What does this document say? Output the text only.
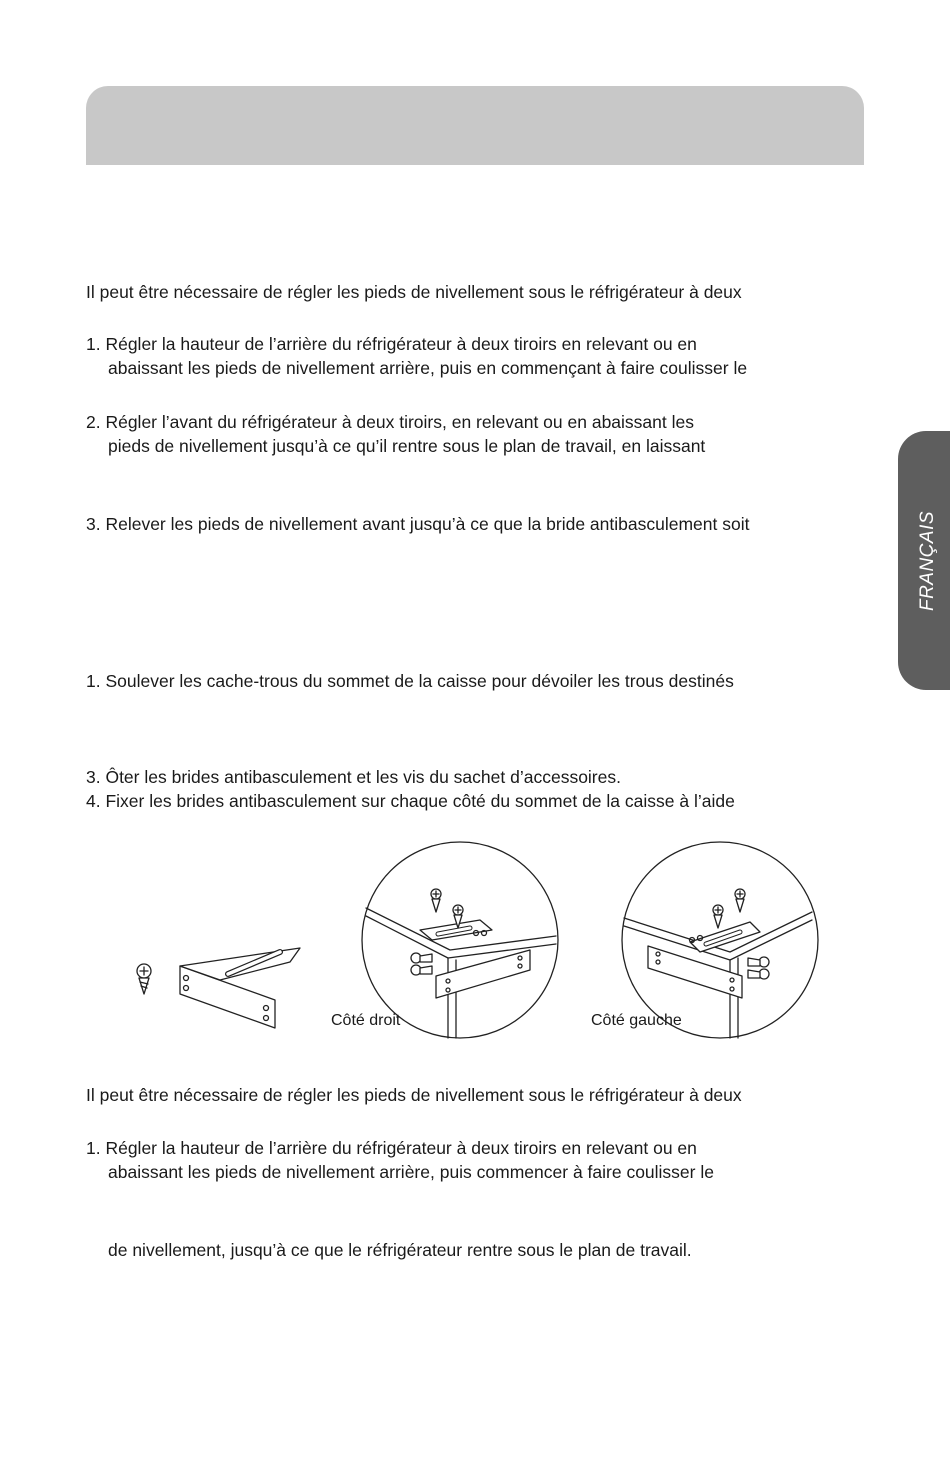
FRANÇAIS
Il peut être nécessaire de régler les pieds de nivellement sous le réfrigérateur à deux
1. Régler la hauteur de l’arrière du réfrigérateur à deux tiroirs en relevant ou en
abaissant les pieds de nivellement arrière, puis en commençant à faire coulisser le
2. Régler l’avant du réfrigérateur à deux tiroirs, en relevant ou en abaissant les
pieds de nivellement jusqu’à ce qu’il rentre sous le plan de travail, en laissant
3. Relever les pieds de nivellement avant jusqu’à ce que la bride antibasculement soit
1. Soulever les cache-trous du sommet de la caisse pour dévoiler les trous destinés
3. Ôter les brides antibasculement et les vis du sachet d’accessoires.
4. Fixer les brides antibasculement sur chaque côté du sommet de la caisse à l’aide
Côté droit	Côté gauche
Il peut être nécessaire de régler les pieds de nivellement sous le réfrigérateur à deux
1. Régler la hauteur de l’arrière du réfrigérateur à deux tiroirs en relevant ou en
abaissant les pieds de nivellement arrière, puis commencer à faire coulisser le
de nivellement, jusqu’à ce que le réfrigérateur rentre sous le plan de travail.
